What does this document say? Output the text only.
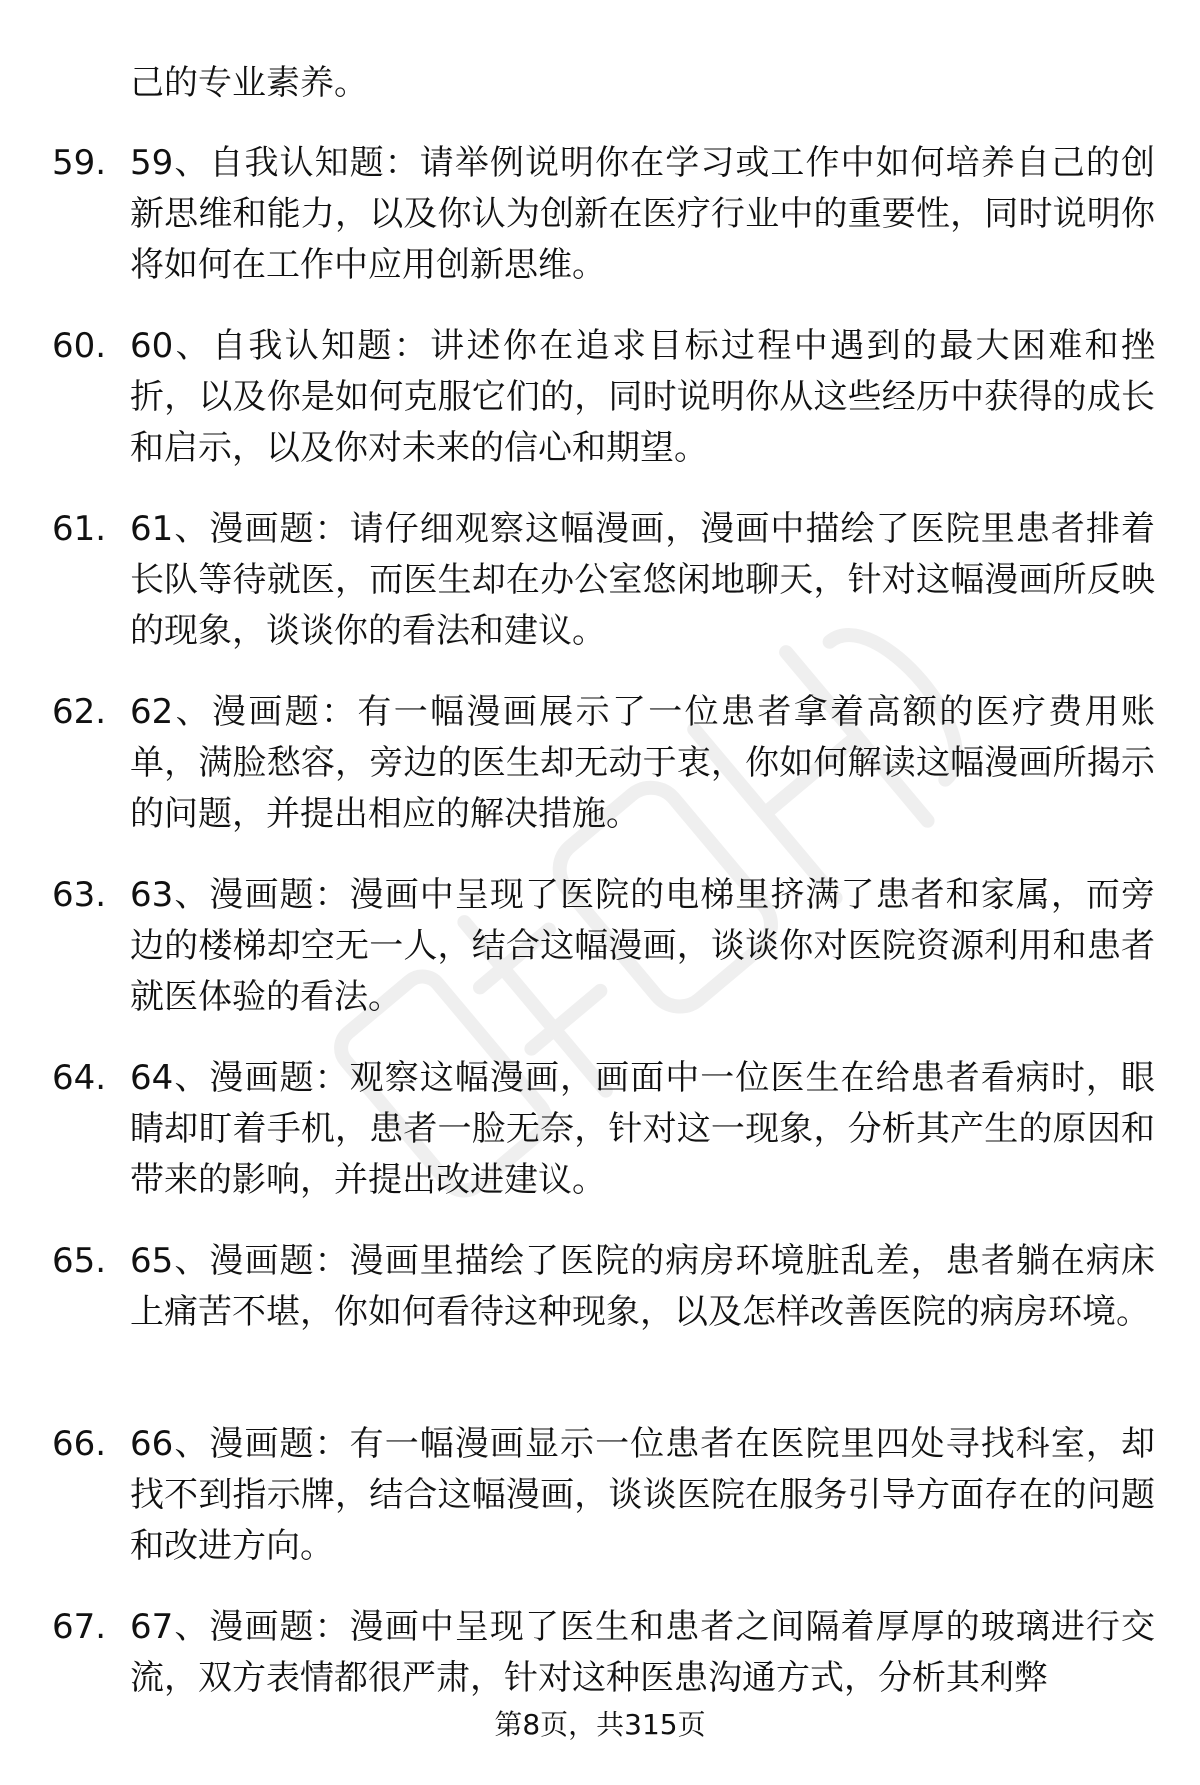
己的专业素养。
59. 59、自我认知题：请举例说明你在学习或工作中如何培养自己的创新思维和能力，以及你认为创新在医疗行业中的重要性，同时说明你将如何在工作中应用创新思维。
60. 60、自我认知题：讲述你在追求目标过程中遇到的最大困难和挫折，以及你是如何克服它们的，同时说明你从这些经历中获得的成长和启示，以及你对未来的信心和期望。
61. 61、漫画题：请仔细观察这幅漫画，漫画中描绘了医院里患者排着长队等待就医，而医生却在办公室悠闲地聊天，针对这幅漫画所反映的现象，谈谈你的看法和建议。
62. 62、漫画题：有一幅漫画展示了一位患者拿着高额的医疗费用账单，满脸愁容，旁边的医生却无动于衷，你如何解读这幅漫画所揭示的问题，并提出相应的解决措施。
63. 63、漫画题：漫画中呈现了医院的电梯里挤满了患者和家属，而旁边的楼梯却空无一人，结合这幅漫画，谈谈你对医院资源利用和患者就医体验的看法。
64. 64、漫画题：观察这幅漫画，画面中一位医生在给患者看病时，眼睛却盯着手机，患者一脸无奈，针对这一现象，分析其产生的原因和带来的影响，并提出改进建议。
65. 65、漫画题：漫画里描绘了医院的病房环境脏乱差，患者躺在病床上痛苦不堪，你如何看待这种现象，以及怎样改善医院的病房环境。
66. 66、漫画题：有一幅漫画显示一位患者在医院里四处寻找科室，却找不到指示牌，结合这幅漫画，谈谈医院在服务引导方面存在的问题和改进方向。
67. 67、漫画题：漫画中呈现了医生和患者之间隔着厚厚的玻璃进行交流，双方表情都很严肃，针对这种医患沟通方式，分析其利弊
第8页，共315页
